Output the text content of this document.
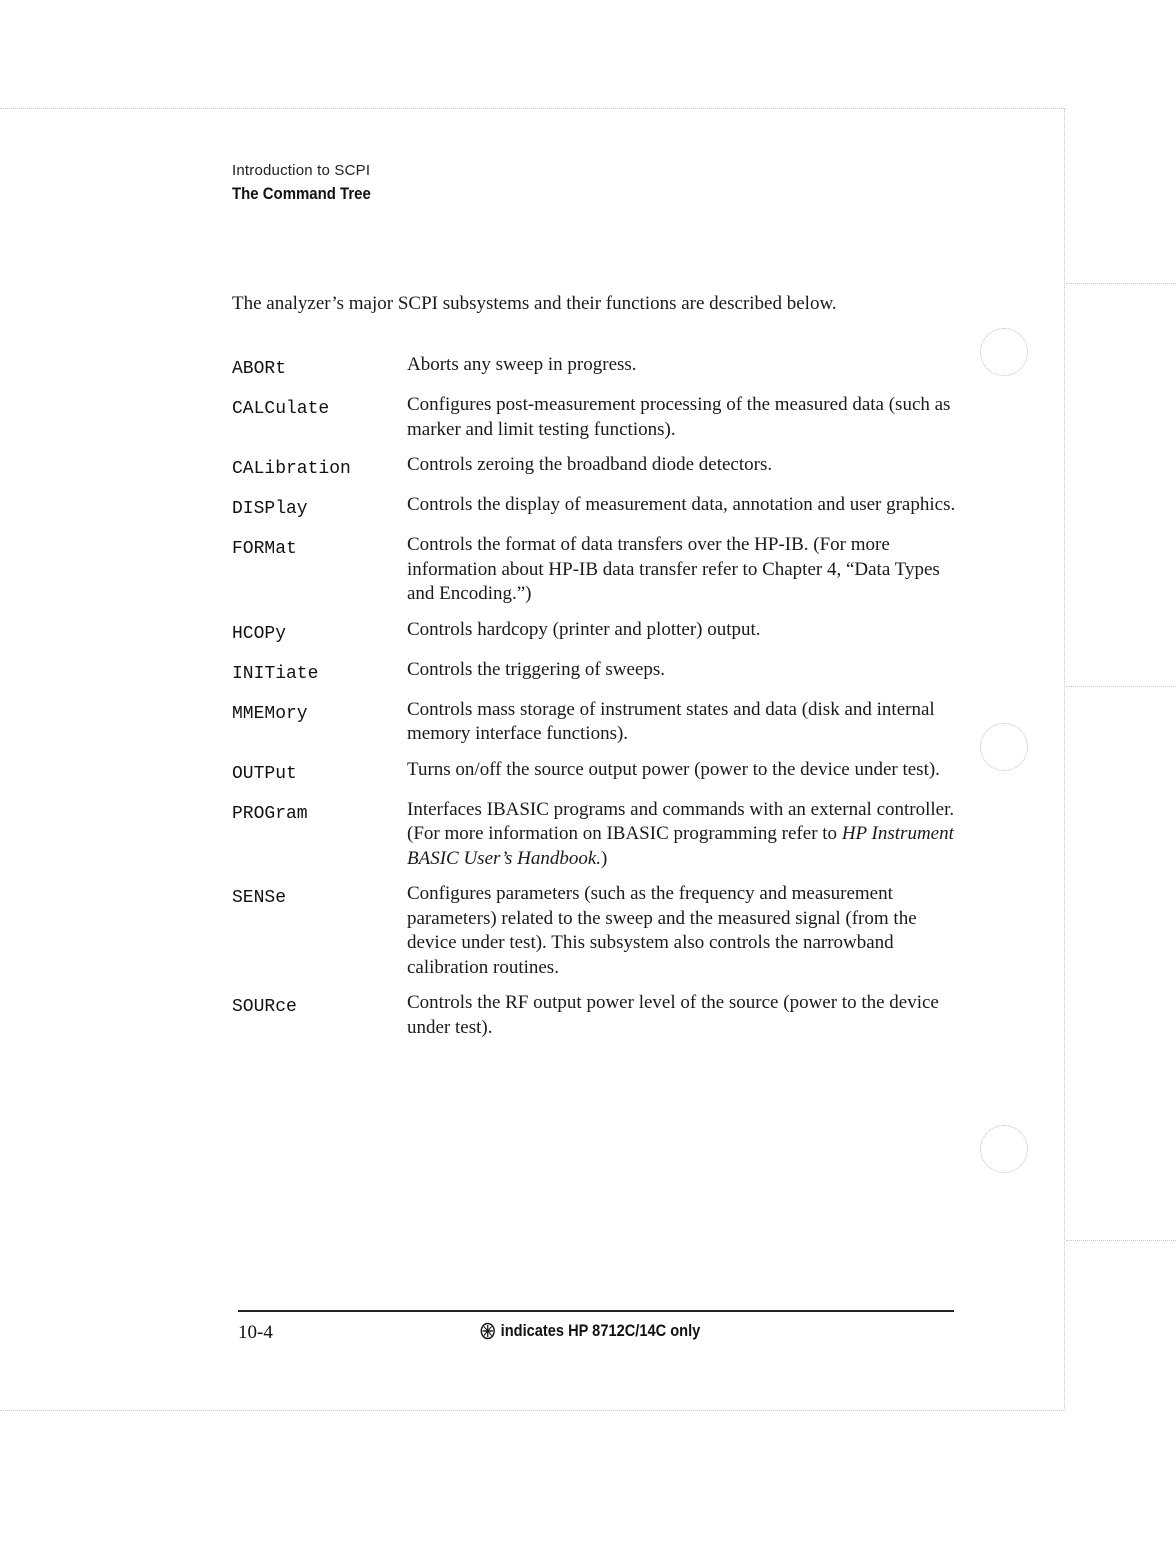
Introduction to SCPI
The Command Tree
The analyzer’s major SCPI subsystems and their functions are described below.
ABORt	Aborts any sweep in progress.
CALCulate	Configures post-measurement processing of the measured data (such as marker and limit testing functions).
CALibration	Controls zeroing the broadband diode detectors.
DISPlay	Controls the display of measurement data, annotation and user graphics.
FORMat	Controls the format of data transfers over the HP-IB. (For more information about HP-IB data transfer refer to Chapter 4, “Data Types and Encoding.”)
HCOPy	Controls hardcopy (printer and plotter) output.
INITiate	Controls the triggering of sweeps.
MMEMory	Controls mass storage of instrument states and data (disk and internal memory interface functions).
OUTPut	Turns on/off the source output power (power to the device under test).
PROGram	Interfaces IBASIC programs and commands with an external controller. (For more information on IBASIC programming refer to HP Instrument BASIC User’s Handbook.)
SENSe	Configures parameters (such as the frequency and measurement parameters) related to the sweep and the measured signal (from the device under test). This subsystem also controls the narrowband calibration routines.
SOURce	Controls the RF output power level of the source (power to the device under test).
10-4	indicates HP 8712C/14C only
